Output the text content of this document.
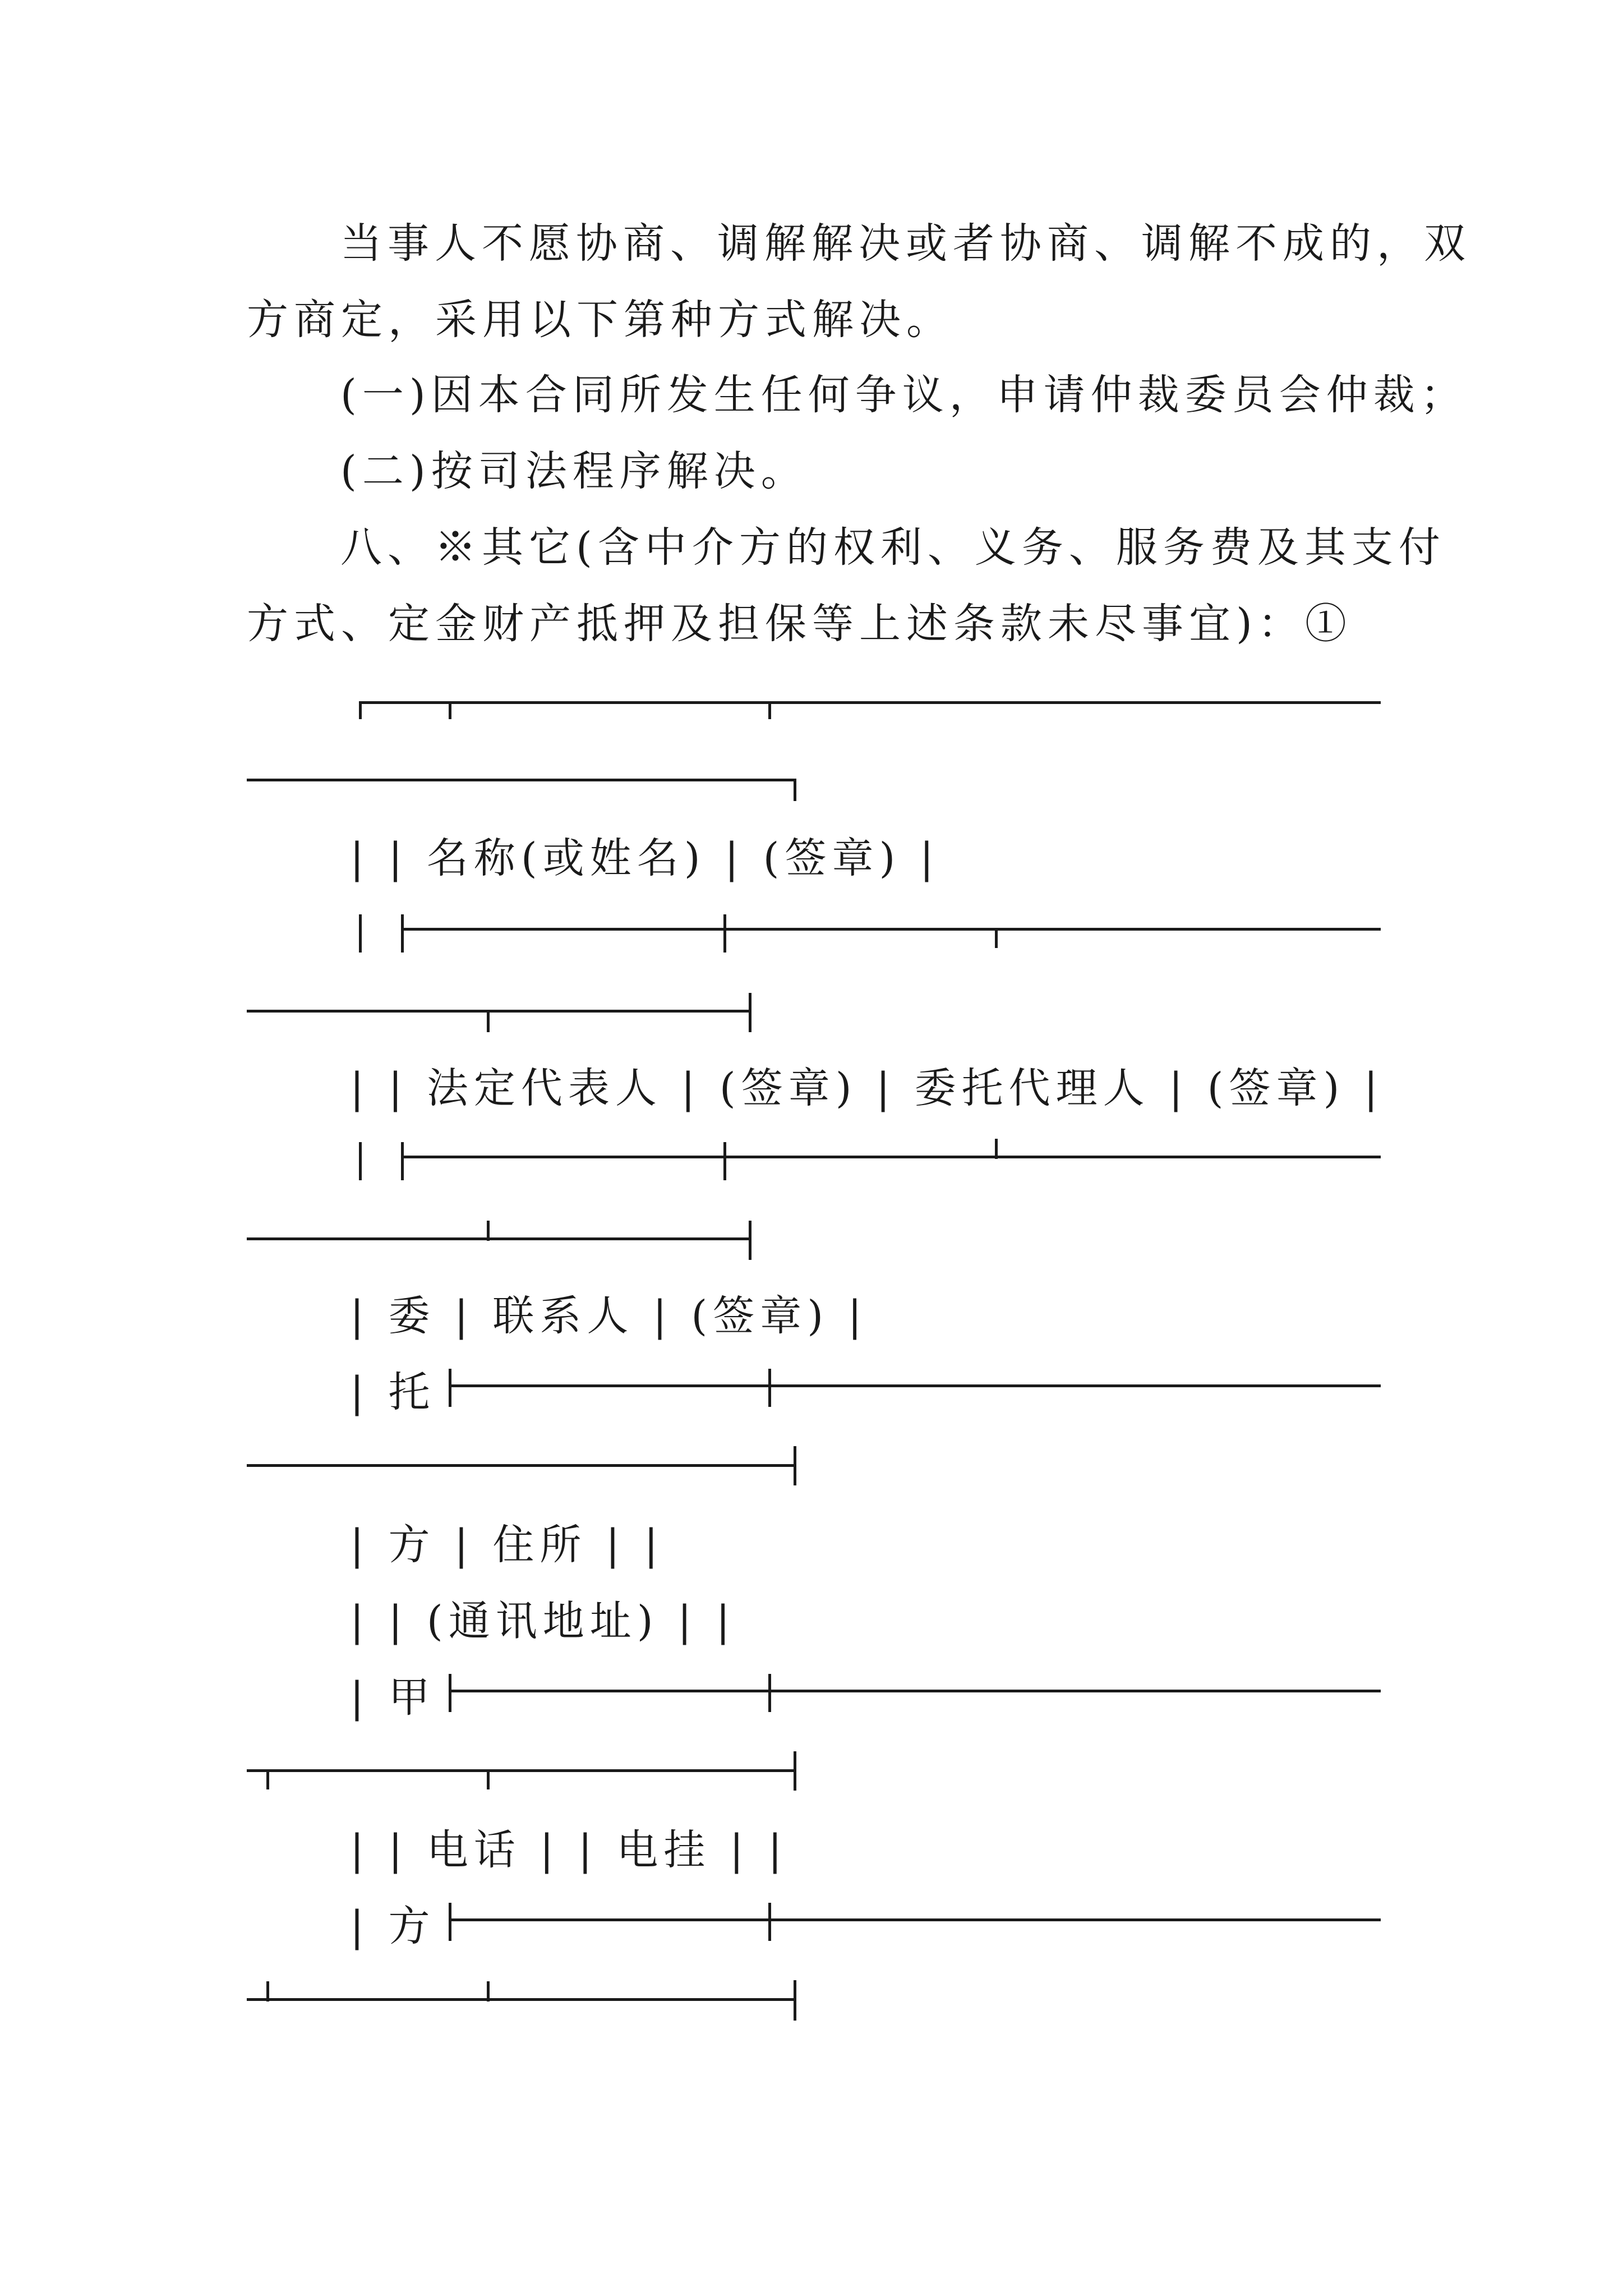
当事人不愿协商、调解解决或者协商、调解不成的，双
方商定，采用以下第种方式解决。
(一)因本合同所发生任何争议，申请仲裁委员会仲裁；
(二)按司法程序解决。
八、※其它(含中介方的权利、义务、服务费及其支付
方式、定金财产抵押及担保等上述条款未尽事宜)：①
| | 名称(或姓名) | (签章) |
| | 法定代表人 | (签章) | 委托代理人 | (签章) |
| 委 | 联系人 | (签章) |
| 托
| 方 | 住所 | |
| | (通讯地址) | |
| 甲
| | 电话 | | 电挂 | |
| 方
